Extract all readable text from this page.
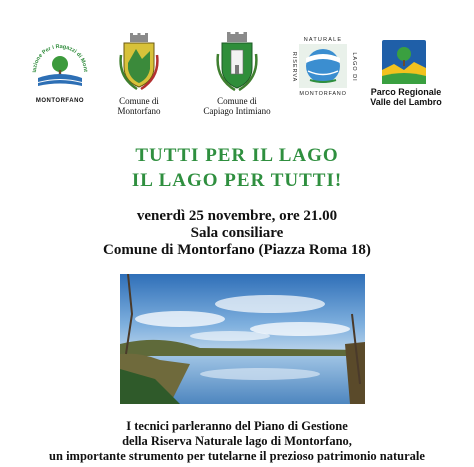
iazione Per i Ragazzi di Mont
MONTORFANO	Comune di
Montorfano
Comune di
Capiago Intimiano
NATURALE
RISERVA	LAGO DI
MONTORFANO	Parco Regionale
Valle del Lambro
TUTTI PER IL LAGO
IL LAGO PER TUTTI!
venerdì 25 novembre, ore 21.00
Sala consiliare
Comune di Montorfano (Piazza Roma 18)
I tecnici parleranno del Piano di Gestione
della Riserva Naturale lago di Montorfano,
un importante strumento per tutelarne il prezioso patrimonio naturale
